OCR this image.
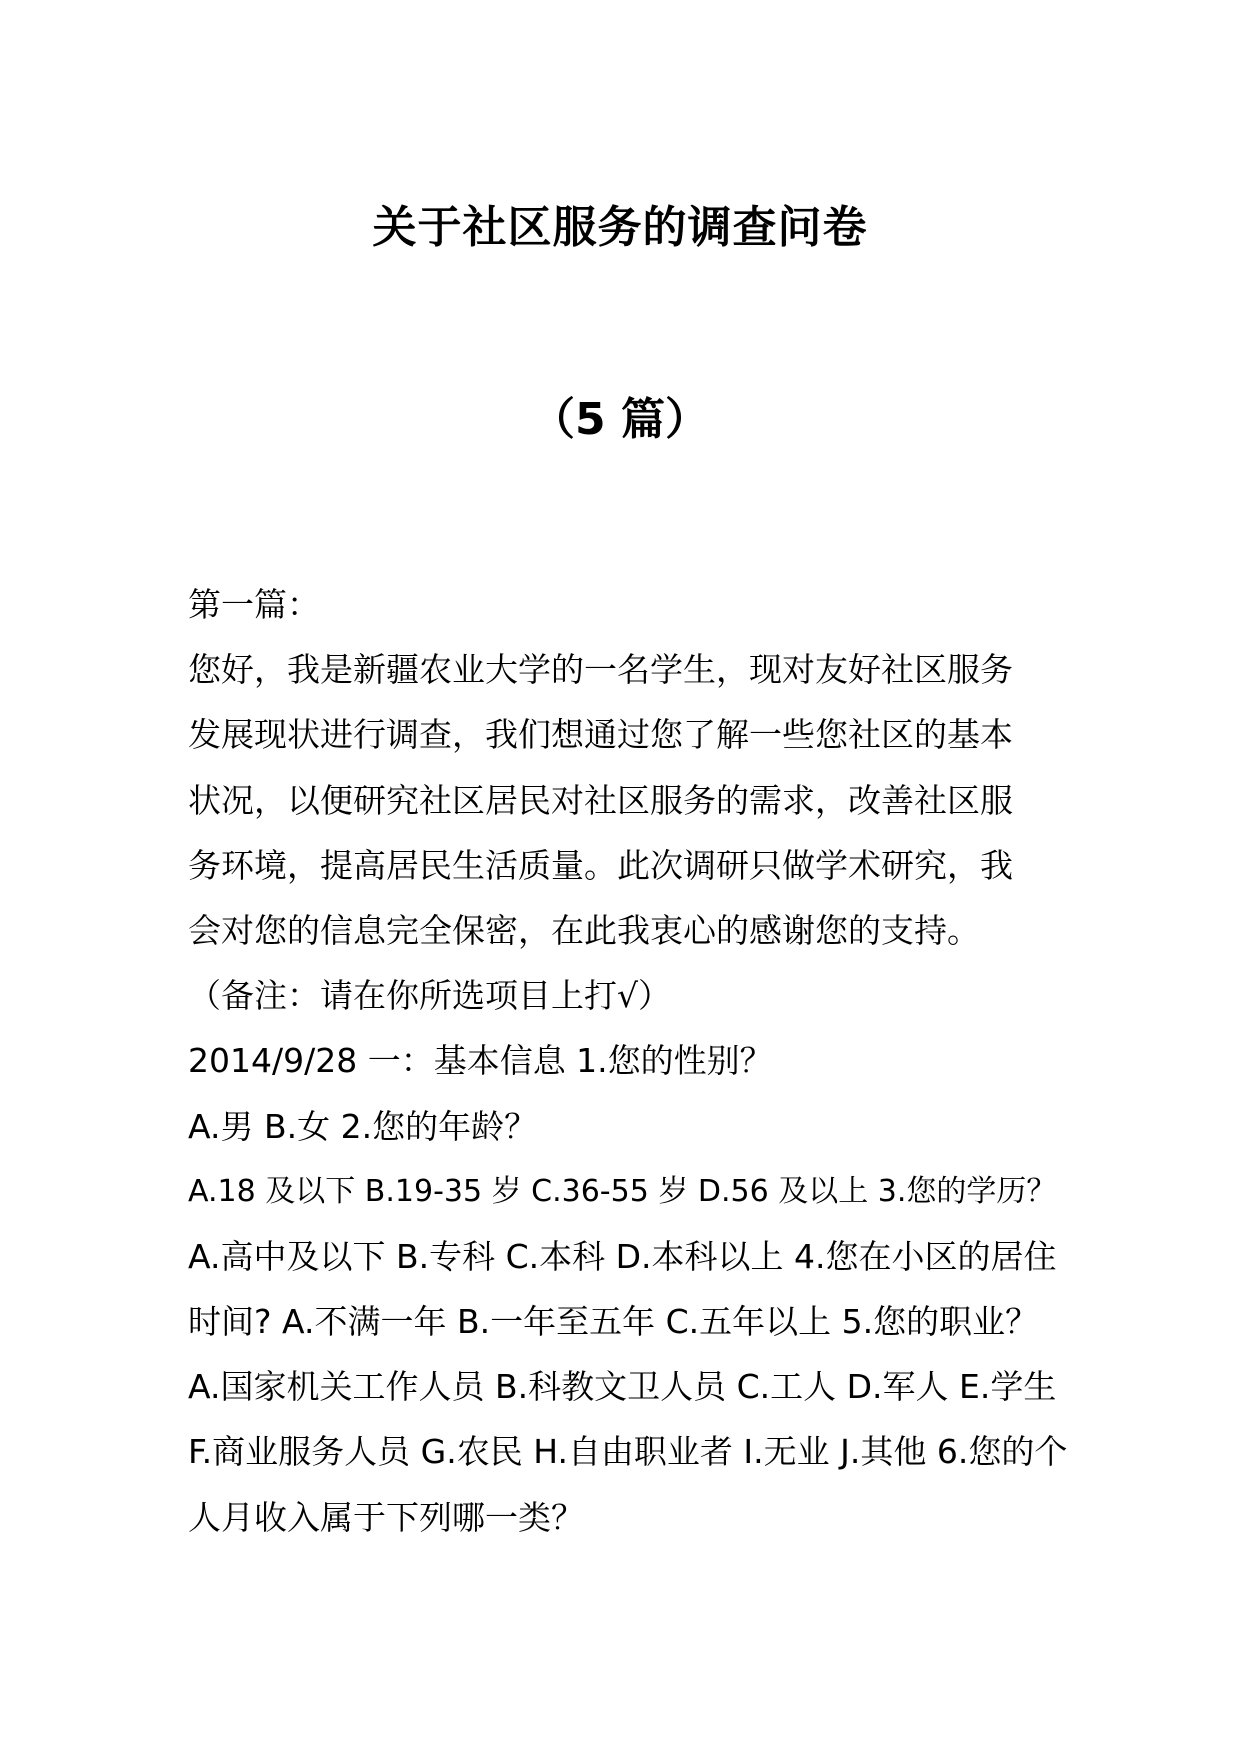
关于社区服务的调查问卷
（5 篇）
第一篇：
您好，我是新疆农业大学的一名学生，现对友好社区服务
发展现状进行调查，我们想通过您了解一些您社区的基本
状况，以便研究社区居民对社区服务的需求，改善社区服
务环境，提高居民生活质量。此次调研只做学术研究，我
会对您的信息完全保密，在此我衷心的感谢您的支持。
（备注：请在你所选项目上打√）
2014/9/28 一：基本信息 1.您的性别？
A.男 B.女 2.您的年龄？
A.18 及以下 B.19-35 岁 C.36-55 岁 D.56 及以上 3.您的学历？
A.高中及以下 B.专科 C.本科 D.本科以上 4.您在小区的居住
时间? A.不满一年 B.一年至五年 C.五年以上 5.您的职业？
A.国家机关工作人员 B.科教文卫人员 C.工人 D.军人 E.学生
F.商业服务人员 G.农民 H.自由职业者 I.无业 J.其他 6.您的个
人月收入属于下列哪一类？
